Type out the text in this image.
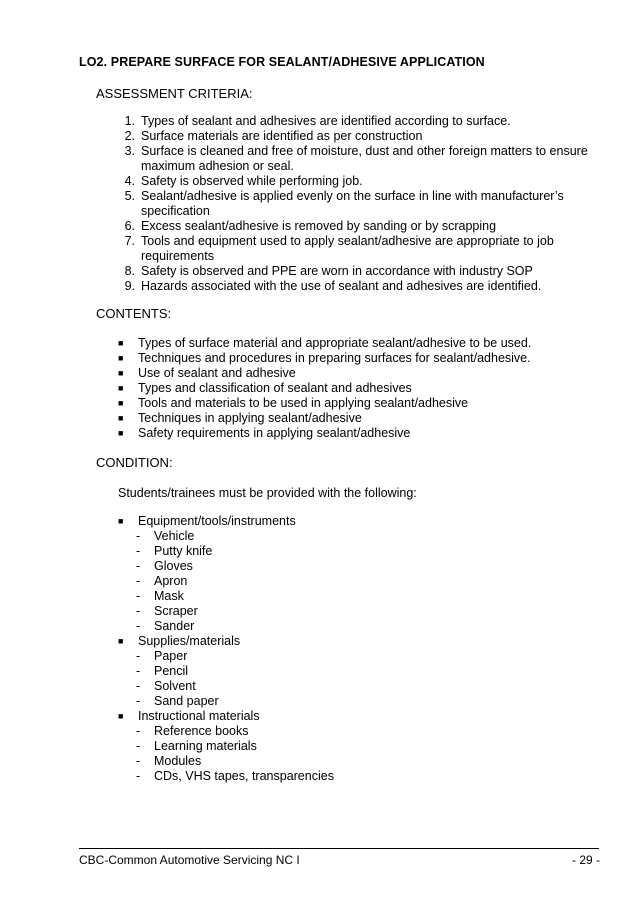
LO2. PREPARE SURFACE FOR SEALANT/ADHESIVE APPLICATION
ASSESSMENT CRITERIA:
1. Types of sealant and adhesives are identified according to surface.
2. Surface materials are identified as per construction
3. Surface is cleaned and free of moisture, dust and other foreign matters to ensure maximum adhesion or seal.
4. Safety is observed while performing job.
5. Sealant/adhesive is applied evenly on the surface in line with manufacturer’s specification
6. Excess sealant/adhesive is removed by sanding or by scrapping
7. Tools and equipment used to apply sealant/adhesive are appropriate to job requirements
8. Safety is observed and PPE are worn in accordance with industry SOP
9. Hazards associated with the use of sealant and adhesives are identified.
CONTENTS:
■	Types of surface material and appropriate sealant/adhesive to be used.
■	Techniques and procedures in preparing surfaces for sealant/adhesive.
■	Use of sealant and adhesive
■	Types and classification of sealant and adhesives
■	Tools and materials to be used in applying sealant/adhesive
■	Techniques in applying sealant/adhesive
■	Safety requirements in applying sealant/adhesive
CONDITION:
Students/trainees must be provided with the following:
■	Equipment/tools/instruments
-	Vehicle
-	Putty knife
-	Gloves
-	Apron
-	Mask
-	Scraper
-	Sander
■	Supplies/materials
-	Paper
-	Pencil
-	Solvent
-	Sand paper
■	Instructional materials
-	Reference books
-	Learning materials
-	Modules
-	CDs, VHS tapes, transparencies
CBC-Common Automotive Servicing NC I	- 29 -
